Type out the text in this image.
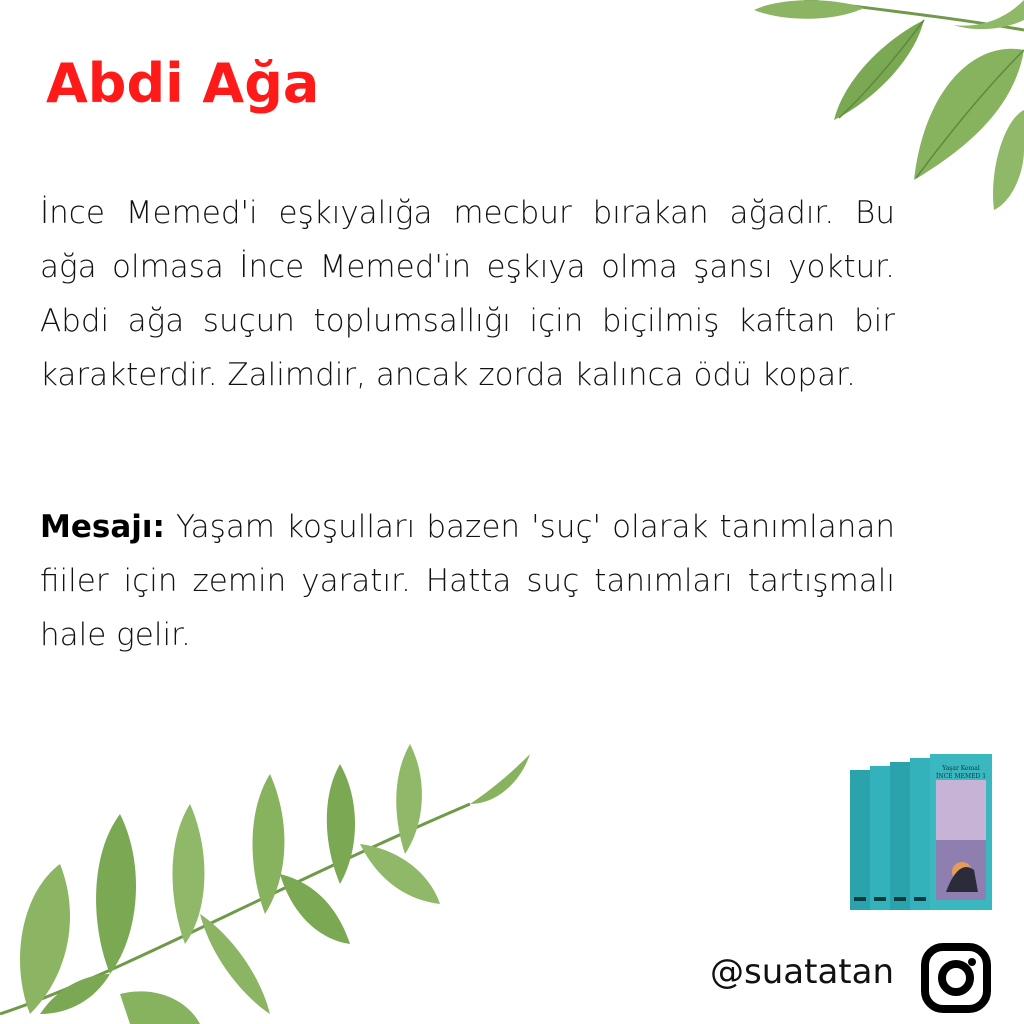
Abdi Ağa

İnce Memed'i eşkıyalığa mecbur bırakan ağadır. Bu ağa olmasa İnce Memed'in eşkıya olma şansı yoktur. Abdi ağa suçun toplumsallığı için biçilmiş kaftan bir karakterdir. Zalimdir, ancak zorda kalınca ödü kopar.

Mesajı: Yaşam koşulları bazen 'suç' olarak tanımlanan fiiler için zemin yaratır. Hatta suç tanımları tartışmalı hale gelir.

Yaşar Kemal
İNCE MEMED 1

@suatatan
